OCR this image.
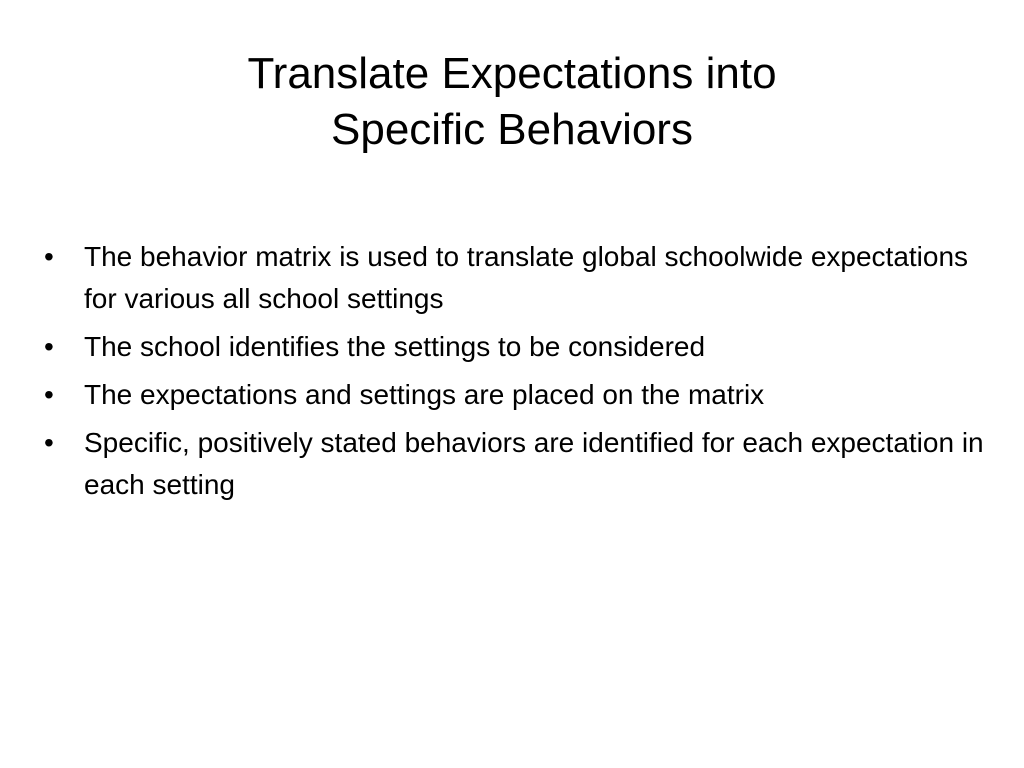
Translate Expectations into
Specific Behaviors
•	The behavior matrix is used to translate global schoolwide expectations for various all school settings
•	The school identifies the settings to be considered
•	The expectations and settings are placed on the matrix
•	Specific, positively stated behaviors are identified for each expectation in each setting
